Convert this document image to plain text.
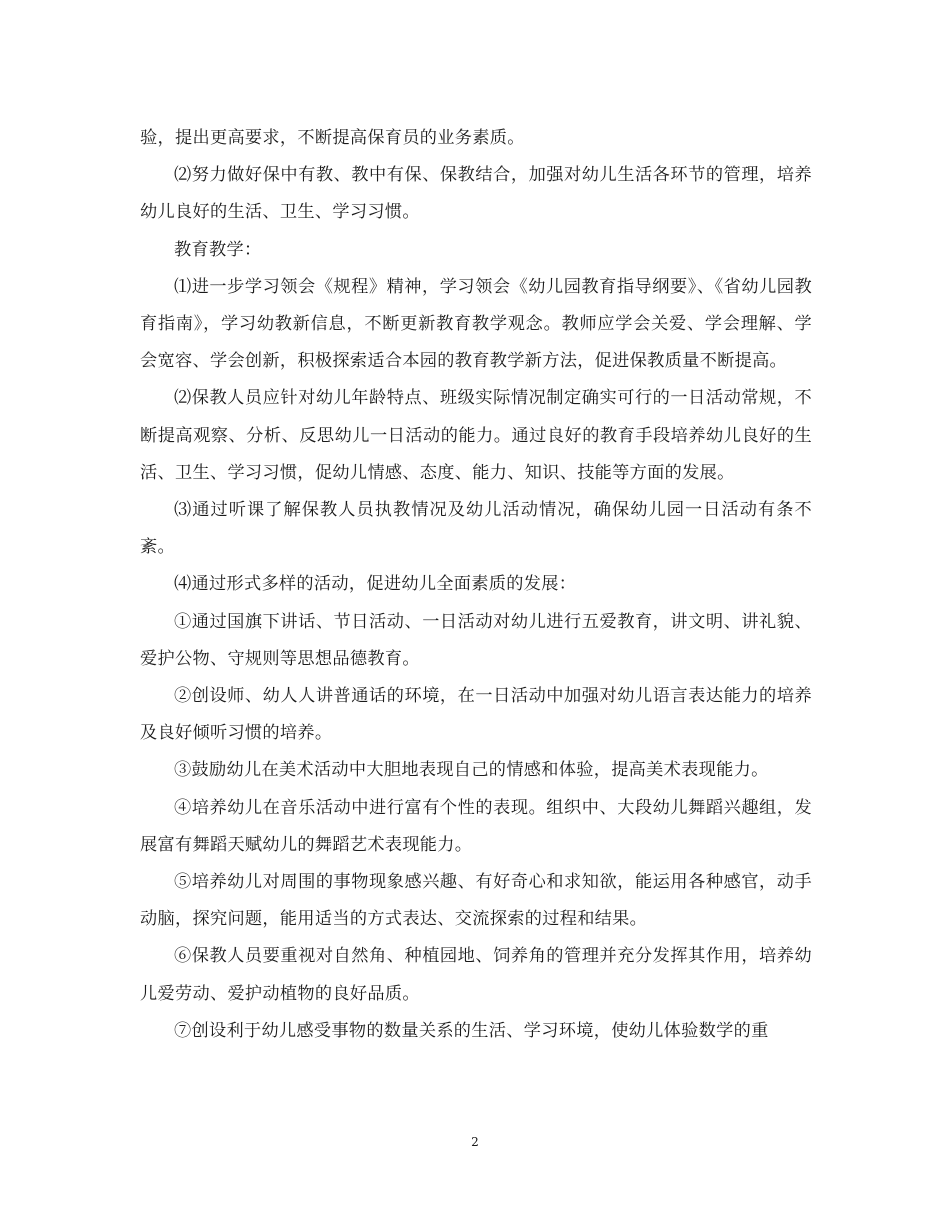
验，提出更高要求，不断提高保育员的业务素质。

⑵努力做好保中有教、教中有保、保教结合，加强对幼儿生活各环节的管理，培养幼儿良好的生活、卫生、学习习惯。

教育教学：

⑴进一步学习领会《规程》精神，学习领会《幼儿园教育指导纲要》、《省幼儿园教育指南》，学习幼教新信息，不断更新教育教学观念。教师应学会关爱、学会理解、学会宽容、学会创新，积极探索适合本园的教育教学新方法，促进保教质量不断提高。

⑵保教人员应针对幼儿年龄特点、班级实际情况制定确实可行的一日活动常规，不断提高观察、分析、反思幼儿一日活动的能力。通过良好的教育手段培养幼儿良好的生活、卫生、学习习惯，促幼儿情感、态度、能力、知识、技能等方面的发展。

⑶通过听课了解保教人员执教情况及幼儿活动情况，确保幼儿园一日活动有条不紊。

⑷通过形式多样的活动，促进幼儿全面素质的发展：

①通过国旗下讲话、节日活动、一日活动对幼儿进行五爱教育，讲文明、讲礼貌、爱护公物、守规则等思想品德教育。

②创设师、幼人人讲普通话的环境，在一日活动中加强对幼儿语言表达能力的培养及良好倾听习惯的培养。

③鼓励幼儿在美术活动中大胆地表现自己的情感和体验，提高美术表现能力。

④培养幼儿在音乐活动中进行富有个性的表现。组织中、大段幼儿舞蹈兴趣组，发展富有舞蹈天赋幼儿的舞蹈艺术表现能力。

⑤培养幼儿对周围的事物现象感兴趣、有好奇心和求知欲，能运用各种感官，动手动脑，探究问题，能用适当的方式表达、交流探索的过程和结果。

⑥保教人员要重视对自然角、种植园地、饲养角的管理并充分发挥其作用，培养幼儿爱劳动、爱护动植物的良好品质。

⑦创设利于幼儿感受事物的数量关系的生活、学习环境，使幼儿体验数学的重

2
